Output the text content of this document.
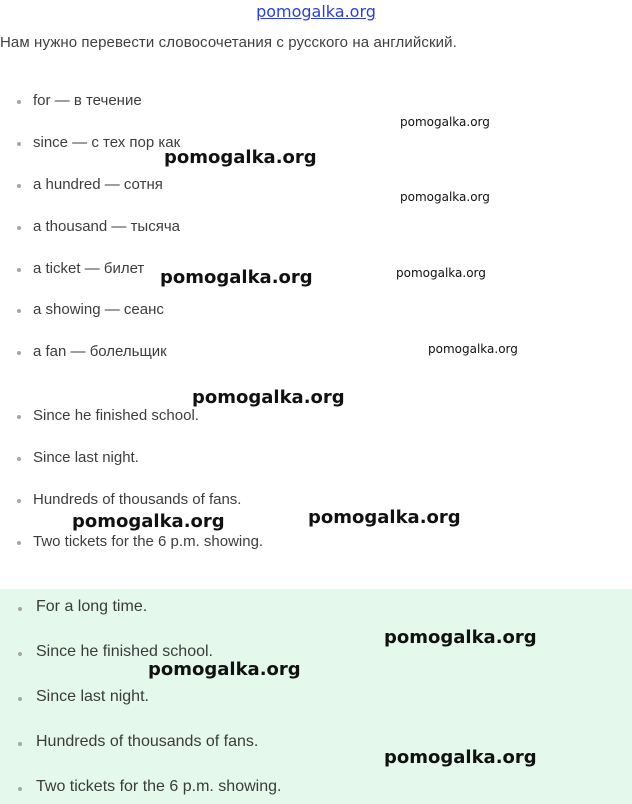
pomogalka.org
Нам нужно перевести словосочетания с русского на английский.
for — в течение
since — с тех пор как
a hundred — сотня
a thousand — тысяча
a ticket — билет
a showing — сеанс
a fan — болельщик
Since he finished school.
Since last night.
Hundreds of thousands of fans.
Two tickets for the 6 p.m. showing.
For a long time.
Since he finished school.
Since last night.
Hundreds of thousands of fans.
Two tickets for the 6 p.m. showing.
pomogalka.org
pomogalka.org
pomogalka.org
pomogalka.org	pomogalka.org
pomogalka.org
pomogalka.org
pomogalka.org	pomogalka.org
pomogalka.org
pomogalka.org
pomogalka.org
